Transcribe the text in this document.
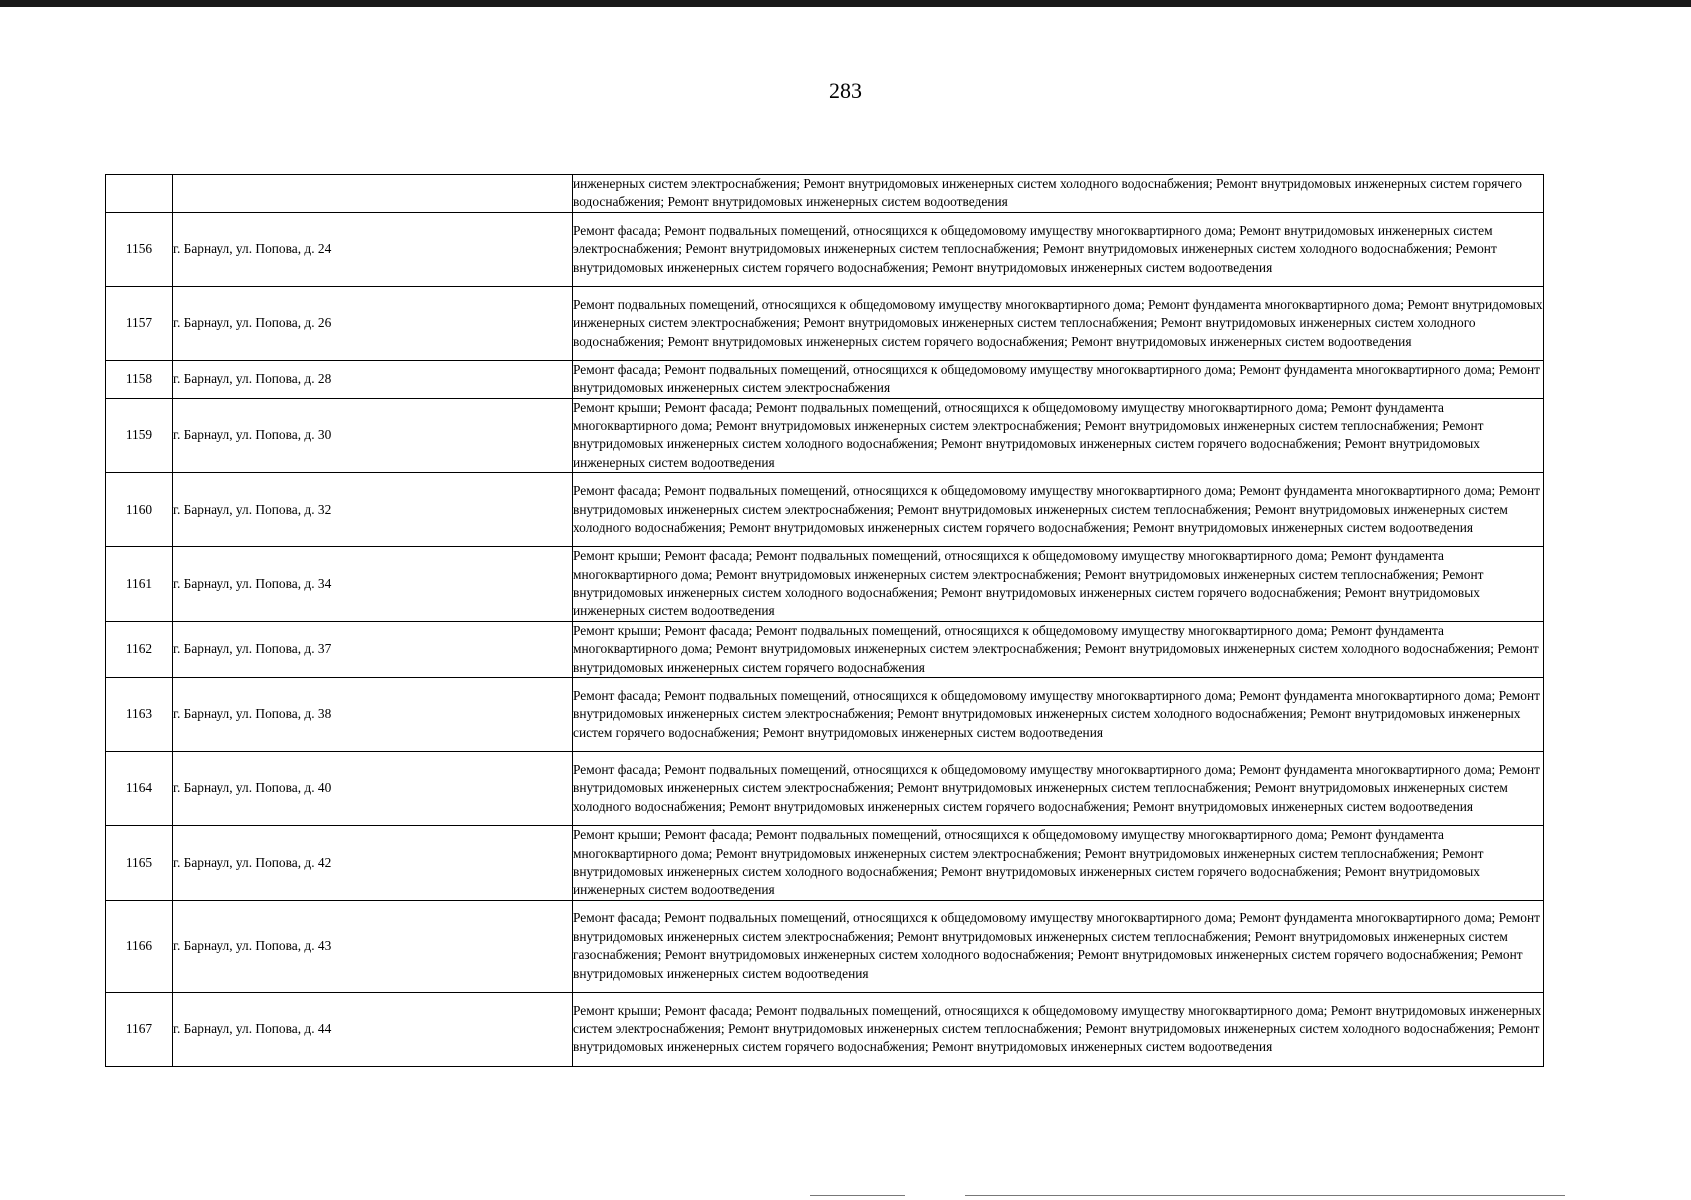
283
		инженерных систем электроснабжения; Ремонт внутридомовых инженерных систем холодного водоснабжения; Ремонт внутридомовых инженерных систем горячего водоснабжения; Ремонт внутридомовых инженерных систем водоотведения
1156	г. Барнаул, ул. Попова, д. 24	Ремонт фасада; Ремонт подвальных помещений, относящихся к общедомовому имуществу многоквартирного дома; Ремонт внутридомовых инженерных систем электроснабжения; Ремонт внутридомовых инженерных систем теплоснабжения; Ремонт внутридомовых инженерных систем холодного водоснабжения; Ремонт внутридомовых инженерных систем горячего водоснабжения; Ремонт внутридомовых инженерных систем водоотведения
1157	г. Барнаул, ул. Попова, д. 26	Ремонт подвальных помещений, относящихся к общедомовому имуществу многоквартирного дома; Ремонт фундамента многоквартирного дома; Ремонт внутридомовых инженерных систем электроснабжения; Ремонт внутридомовых инженерных систем теплоснабжения; Ремонт внутридомовых инженерных систем холодного водоснабжения; Ремонт внутридомовых инженерных систем горячего водоснабжения; Ремонт внутридомовых инженерных систем водоотведения
1158	г. Барнаул, ул. Попова, д. 28	Ремонт фасада; Ремонт подвальных помещений, относящихся к общедомовому имуществу многоквартирного дома; Ремонт фундамента многоквартирного дома; Ремонт внутридомовых инженерных систем электроснабжения
1159	г. Барнаул, ул. Попова, д. 30	Ремонт крыши; Ремонт фасада; Ремонт подвальных помещений, относящихся к общедомовому имуществу многоквартирного дома; Ремонт фундамента многоквартирного дома; Ремонт внутридомовых инженерных систем электроснабжения; Ремонт внутридомовых инженерных систем теплоснабжения; Ремонт внутридомовых инженерных систем холодного водоснабжения; Ремонт внутридомовых инженерных систем горячего водоснабжения; Ремонт внутридомовых инженерных систем водоотведения
1160	г. Барнаул, ул. Попова, д. 32	Ремонт фасада; Ремонт подвальных помещений, относящихся к общедомовому имуществу многоквартирного дома; Ремонт фундамента многоквартирного дома; Ремонт внутридомовых инженерных систем электроснабжения; Ремонт внутридомовых инженерных систем теплоснабжения; Ремонт внутридомовых инженерных систем холодного водоснабжения; Ремонт внутридомовых инженерных систем горячего водоснабжения; Ремонт внутридомовых инженерных систем водоотведения
1161	г. Барнаул, ул. Попова, д. 34	Ремонт крыши; Ремонт фасада; Ремонт подвальных помещений, относящихся к общедомовому имуществу многоквартирного дома; Ремонт фундамента многоквартирного дома; Ремонт внутридомовых инженерных систем электроснабжения; Ремонт внутридомовых инженерных систем теплоснабжения; Ремонт внутридомовых инженерных систем холодного водоснабжения; Ремонт внутридомовых инженерных систем горячего водоснабжения; Ремонт внутридомовых инженерных систем водоотведения
1162	г. Барнаул, ул. Попова, д. 37	Ремонт крыши; Ремонт фасада; Ремонт подвальных помещений, относящихся к общедомовому имуществу многоквартирного дома; Ремонт фундамента многоквартирного дома; Ремонт внутридомовых инженерных систем электроснабжения; Ремонт внутридомовых инженерных систем холодного водоснабжения; Ремонт внутридомовых инженерных систем горячего водоснабжения
1163	г. Барнаул, ул. Попова, д. 38	Ремонт фасада; Ремонт подвальных помещений, относящихся к общедомовому имуществу многоквартирного дома; Ремонт фундамента многоквартирного дома; Ремонт внутридомовых инженерных систем электроснабжения; Ремонт внутридомовых инженерных систем холодного водоснабжения; Ремонт внутридомовых инженерных систем горячего водоснабжения; Ремонт внутридомовых инженерных систем водоотведения
1164	г. Барнаул, ул. Попова, д. 40	Ремонт фасада; Ремонт подвальных помещений, относящихся к общедомовому имуществу многоквартирного дома; Ремонт фундамента многоквартирного дома; Ремонт внутридомовых инженерных систем электроснабжения; Ремонт внутридомовых инженерных систем теплоснабжения; Ремонт внутридомовых инженерных систем холодного водоснабжения; Ремонт внутридомовых инженерных систем горячего водоснабжения; Ремонт внутридомовых инженерных систем водоотведения
1165	г. Барнаул, ул. Попова, д. 42	Ремонт крыши; Ремонт фасада; Ремонт подвальных помещений, относящихся к общедомовому имуществу многоквартирного дома; Ремонт фундамента многоквартирного дома; Ремонт внутридомовых инженерных систем электроснабжения; Ремонт внутридомовых инженерных систем теплоснабжения; Ремонт внутридомовых инженерных систем холодного водоснабжения; Ремонт внутридомовых инженерных систем горячего водоснабжения; Ремонт внутридомовых инженерных систем водоотведения
1166	г. Барнаул, ул. Попова, д. 43	Ремонт фасада; Ремонт подвальных помещений, относящихся к общедомовому имуществу многоквартирного дома; Ремонт фундамента многоквартирного дома; Ремонт внутридомовых инженерных систем электроснабжения; Ремонт внутридомовых инженерных систем теплоснабжения; Ремонт внутридомовых инженерных систем газоснабжения; Ремонт внутридомовых инженерных систем холодного водоснабжения; Ремонт внутридомовых инженерных систем горячего водоснабжения; Ремонт внутридомовых инженерных систем водоотведения
1167	г. Барнаул, ул. Попова, д. 44	Ремонт крыши; Ремонт фасада; Ремонт подвальных помещений, относящихся к общедомовому имуществу многоквартирного дома; Ремонт внутридомовых инженерных систем электроснабжения; Ремонт внутридомовых инженерных систем теплоснабжения; Ремонт внутридомовых инженерных систем холодного водоснабжения; Ремонт внутридомовых инженерных систем горячего водоснабжения; Ремонт внутридомовых инженерных систем водоотведения
